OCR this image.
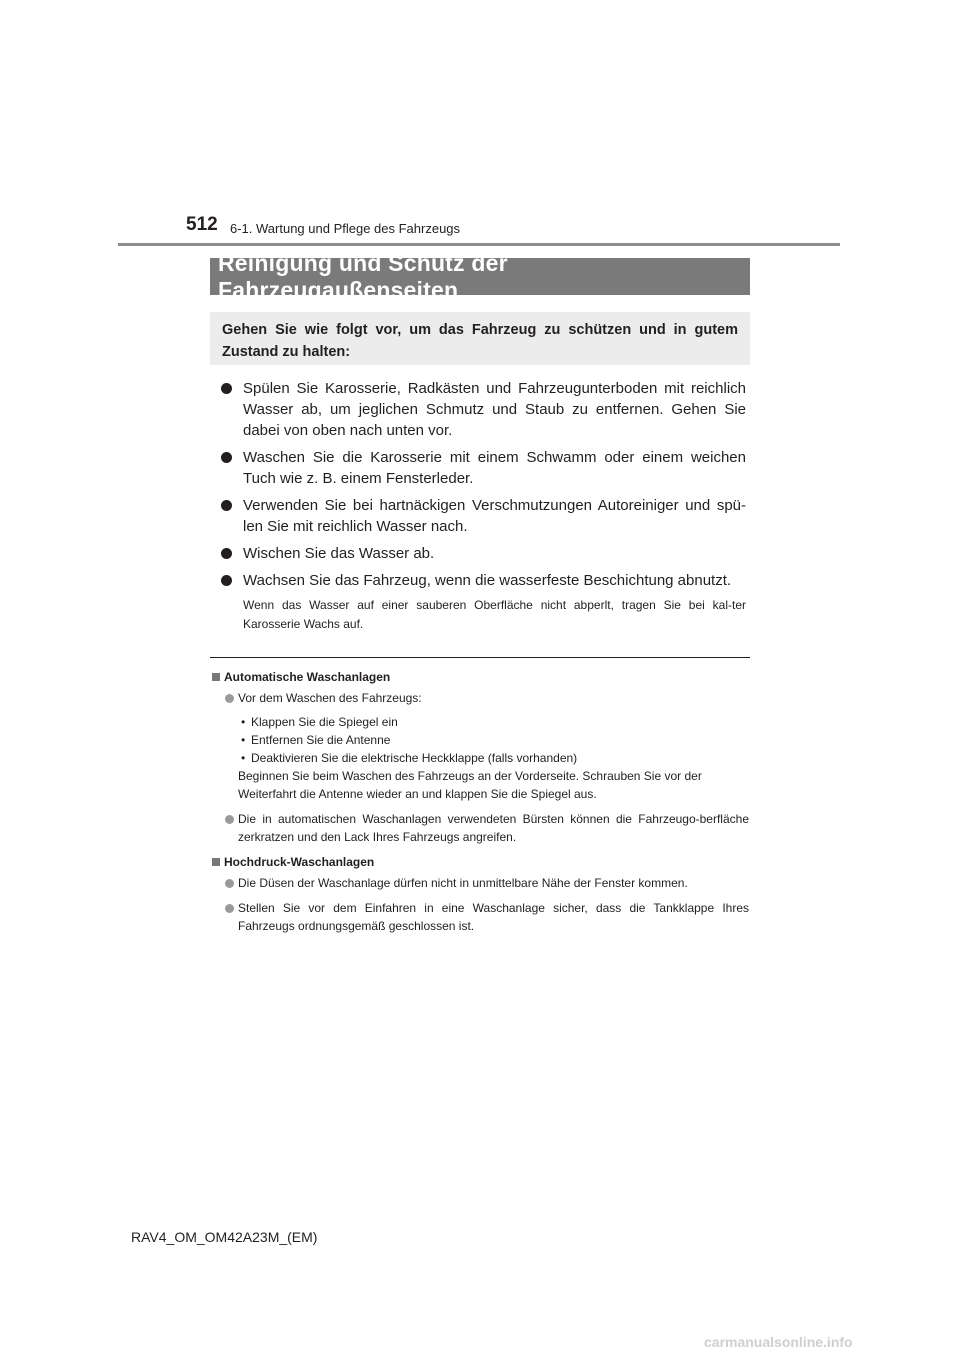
512 6-1. Wartung und Pflege des Fahrzeugs
Reinigung und Schutz der Fahrzeugaußenseiten

Gehen Sie wie folgt vor, um das Fahrzeug zu schützen und in gutem Zustand zu halten:

Spülen Sie Karosserie, Radkästen und Fahrzeugunterboden mit reichlich Wasser ab, um jeglichen Schmutz und Staub zu entfernen. Gehen Sie dabei von oben nach unten vor.
Waschen Sie die Karosserie mit einem Schwamm oder einem weichen Tuch wie z. B. einem Fensterleder.
Verwenden Sie bei hartnäckigen Verschmutzungen Autoreiniger und spü-len Sie mit reichlich Wasser nach.
Wischen Sie das Wasser ab.
Wachsen Sie das Fahrzeug, wenn die wasserfeste Beschichtung abnutzt.
Wenn das Wasser auf einer sauberen Oberfläche nicht abperlt, tragen Sie bei kal-ter Karosserie Wachs auf.
Automatische Waschanlagen
Vor dem Waschen des Fahrzeugs:
• Klappen Sie die Spiegel ein
• Entfernen Sie die Antenne
• Deaktivieren Sie die elektrische Heckklappe (falls vorhanden)
Beginnen Sie beim Waschen des Fahrzeugs an der Vorderseite. Schrauben Sie vor der Weiterfahrt die Antenne wieder an und klappen Sie die Spiegel aus.
Die in automatischen Waschanlagen verwendeten Bürsten können die Fahrzeugo-berfläche zerkratzen und den Lack Ihres Fahrzeugs angreifen.
Hochdruck-Waschanlagen
Die Düsen der Waschanlage dürfen nicht in unmittelbare Nähe der Fenster kommen.
Stellen Sie vor dem Einfahren in eine Waschanlage sicher, dass die Tankklappe Ihres Fahrzeugs ordnungsgemäß geschlossen ist.
RAV4_OM_OM42A23M_(EM)
carmanualsonline.info
